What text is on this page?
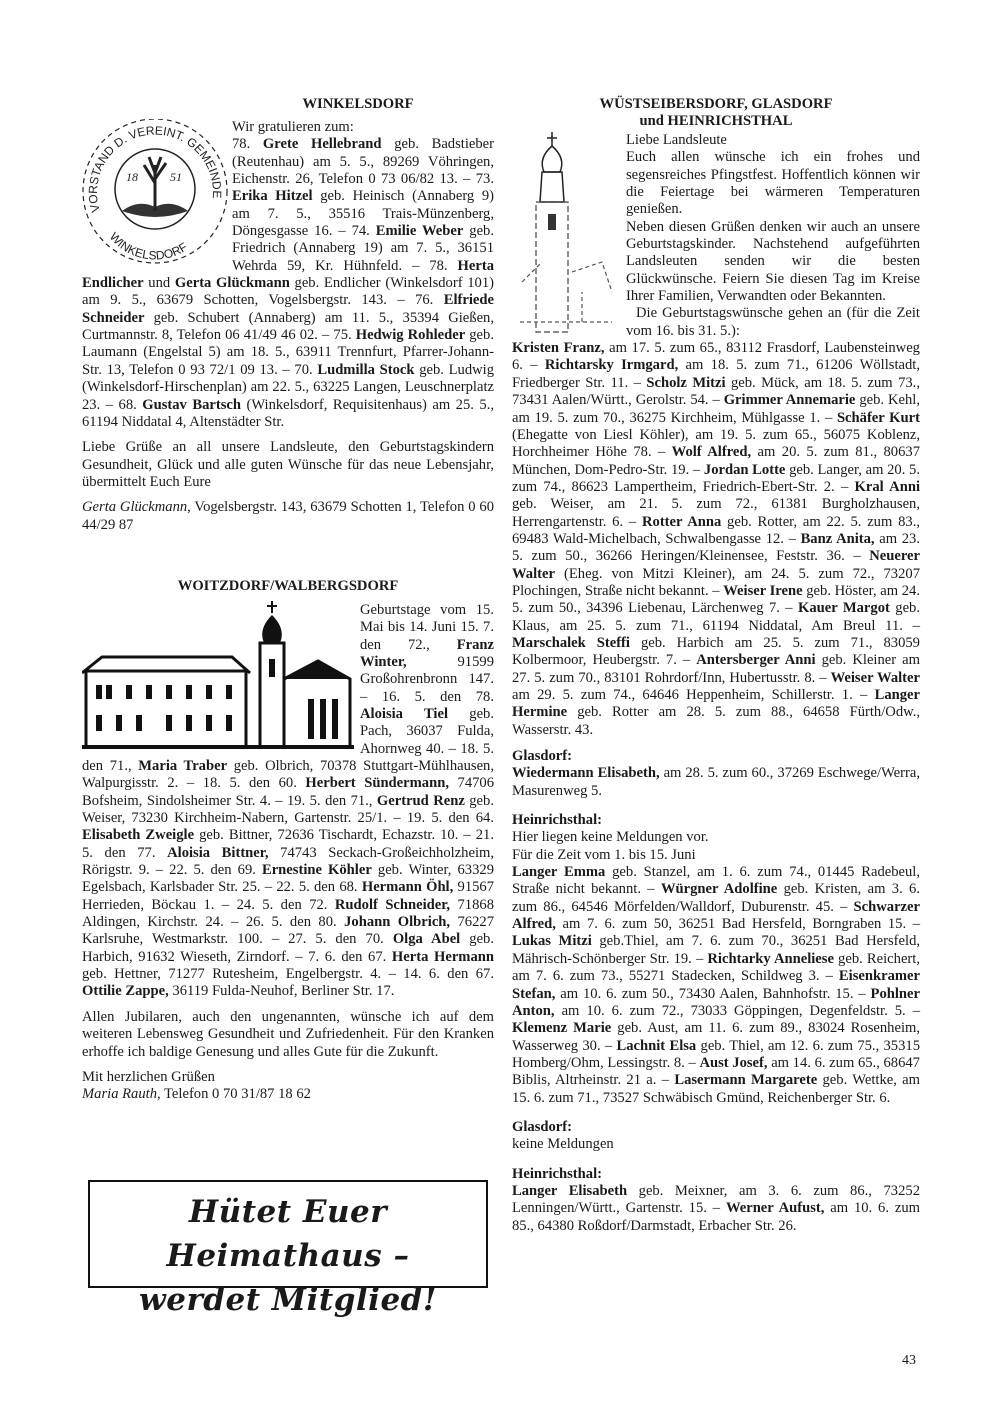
WINKELSDORF
18	51
VORSTAND D. VEREINT. GEMEINDE
WINKELSDORF

Wir gratulieren zum:

78. Grete Hellebrand geb. Badstieber (Reutenhau) am 5. 5., 89269 Vöhringen, Eichenstr. 26, Telefon 0 73 06/82 13. – 73. Erika Hitzel geb. Heinisch (Annaberg 9) am 7. 5., 35516 Trais-Münzenberg, Döngesgasse 16. – 74. Emilie Weber geb. Friedrich (Annaberg 19) am 7. 5., 36151 Wehrda 59, Kr. Hühnfeld. – 78. Herta Endlicher und Gerta Glückmann geb. Endlicher (Winkelsdorf 101) am 9. 5., 63679 Schotten, Vogelsbergstr. 143. – 76. Elfriede Schneider geb. Schubert (Annaberg) am 11. 5., 35394 Gießen, Curtmannstr. 8, Telefon 06 41/49 46 02. – 75. Hedwig Rohleder geb. Laumann (Engelstal 5) am 18. 5., 63911 Trennfurt, Pfarrer-Johann-Str. 13, Telefon 0 93 72/1 09 13. – 70. Ludmilla Stock geb. Ludwig (Winkelsdorf-Hirschenplan) am 22. 5., 63225 Langen, Leuschnerplatz 23. – 68. Gustav Bartsch (Winkelsdorf, Requisitenhaus) am 25. 5., 61194 Niddatal 4, Altenstädter Str.

Liebe Grüße an all unsere Landsleute, den Geburtstagskindern Gesundheit, Glück und alle guten Wünsche für das neue Lebensjahr, übermittelt Euch Eure

Gerta Glückmann, Vogelsbergstr. 143, 63679 Schotten 1, Telefon 0 60 44/29 87

WOITZDORF/WALBERGSDORF

Geburtstage vom 15. Mai bis 14. Juni 15. 7. den 72., Franz Winter, 91599 Großohrenbronn 147. – 16. 5. den 78. Aloisia Tiel geb. Pach, 36037 Fulda, Ahornweg 40. – 18. 5. den 71., Maria Traber geb. Olbrich, 70378 Stuttgart-Mühlhausen, Walpurgisstr. 2. – 18. 5. den 60. Herbert Sündermann, 74706 Bofsheim, Sindolsheimer Str. 4. – 19. 5. den 71., Gertrud Renz geb. Weiser, 73230 Kirchheim-Nabern, Gartenstr. 25/1. – 19. 5. den 64. Elisabeth Zweigle geb. Bittner, 72636 Tischardt, Echazstr. 10. – 21. 5. den 77. Aloisia Bittner, 74743 Seckach-Großeichholzheim, Rörigstr. 9. – 22. 5. den 69. Ernestine Köhler geb. Winter, 63329 Egelsbach, Karlsbader Str. 25. – 22. 5. den 68. Hermann Öhl, 91567 Herrieden, Böckau 1. – 24. 5. den 72. Rudolf Schneider, 71868 Aldingen, Kirchstr. 24. – 26. 5. den 80. Johann Olbrich, 76227 Karlsruhe, Westmarkstr. 100. – 27. 5. den 70. Olga Abel geb. Harbich, 91632 Wieseth, Zirndorf. – 7. 6. den 67. Herta Hermann geb. Hettner, 71277 Rutesheim, Engelbergstr. 4. – 14. 6. den 67. Ottilie Zappe, 36119 Fulda-Neuhof, Berliner Str. 17.

Allen Jubilaren, auch den ungenannten, wünsche ich auf dem weiteren Lebensweg Gesundheit und Zufriedenheit. Für den Kranken erhoffe ich baldige Genesung und alles Gute für die Zukunft.

Mit herzlichen Grüßen

Maria Rauth, Telefon 0 70 31/87 18 62

Hütet Euer Heimathaus –
werdet Mitglied!
WÜSTSEIBERSDORF, GLASDORF
und HEINRICHSTHAL

Liebe Landsleute

Euch allen wünsche ich ein frohes und segensreiches Pfingstfest. Hoffentlich können wir die Feiertage bei wärmeren Temperaturen genießen.

Neben diesen Grüßen denken wir auch an unsere Geburtstagskinder. Nachstehend aufgeführten Landsleuten senden wir die besten Glückwünsche. Feiern Sie diesen Tag im Kreise Ihrer Familien, Verwandten oder Bekannten.

Die Geburtstagswünsche gehen an (für die Zeit vom 16. bis 31. 5.):

Kristen Franz, am 17. 5. zum 65., 83112 Frasdorf, Laubensteinweg 6. – Richtarsky Irmgard, am 18. 5. zum 71., 61206 Wöllstadt, Friedberger Str. 11. – Scholz Mitzi geb. Mück, am 18. 5. zum 73., 73431 Aalen/Württ., Gerolstr. 54. – Grimmer Annemarie geb. Kehl, am 19. 5. zum 70., 36275 Kirchheim, Mühlgasse 1. – Schäfer Kurt (Ehegatte von Liesl Köhler), am 19. 5. zum 65., 56075 Koblenz, Horchheimer Höhe 78. – Wolf Alfred, am 20. 5. zum 81., 80637 München, Dom-Pedro-Str. 19. – Jordan Lotte geb. Langer, am 20. 5. zum 74., 86623 Lampertheim, Friedrich-Ebert-Str. 2. – Kral Anni geb. Weiser, am 21. 5. zum 72., 61381 Burgholzhausen, Herrengartenstr. 6. – Rotter Anna geb. Rotter, am 22. 5. zum 83., 69483 Wald-Michelbach, Schwalbengasse 12. – Banz Anita, am 23. 5. zum 50., 36266 Heringen/Kleinensee, Feststr. 36. – Neuerer Walter (Eheg. von Mitzi Kleiner), am 24. 5. zum 72., 73207 Plochingen, Straße nicht bekannt. – Weiser Irene geb. Höster, am 24. 5. zum 50., 34396 Liebenau, Lärchenweg 7. – Kauer Margot geb. Klaus, am 25. 5. zum 71., 61194 Niddatal, Am Breul 11. – Marschalek Steffi geb. Harbich am 25. 5. zum 71., 83059 Kolbermoor, Heubergstr. 7. – Antersberger Anni geb. Kleiner am 27. 5. zum 70., 83101 Rohrdorf/Inn, Hubertusstr. 8. – Weiser Walter am 29. 5. zum 74., 64646 Heppenheim, Schillerstr. 1. – Langer Hermine geb. Rotter am 28. 5. zum 88., 64658 Fürth/Odw., Wasserstr. 43.

Glasdorf:

Wiedermann Elisabeth, am 28. 5. zum 60., 37269 Eschwege/Werra, Masurenweg 5.

Heinrichsthal:

Hier liegen keine Meldungen vor.

Für die Zeit vom 1. bis 15. Juni

Langer Emma geb. Stanzel, am 1. 6. zum 74., 01445 Radebeul, Straße nicht bekannt. – Würgner Adolfine geb. Kristen, am 3. 6. zum 86., 64546 Mörfelden/Walldorf, Duburenstr. 45. – Schwarzer Alfred, am 7. 6. zum 50, 36251 Bad Hersfeld, Borngraben 15. – Lukas Mitzi geb.Thiel, am 7. 6. zum 70., 36251 Bad Hersfeld, Mährisch-Schönberger Str. 19. – Richtarky Anneliese geb. Reichert, am 7. 6. zum 73., 55271 Stadecken, Schildweg 3. – Eisenkramer Stefan, am 10. 6. zum 50., 73430 Aalen, Bahnhofstr. 15. – Pohlner Anton, am 10. 6. zum 72., 73033 Göppingen, Degenfeldstr. 5. – Klemenz Marie geb. Aust, am 11. 6. zum 89., 83024 Rosenheim, Wasserweg 30. – Lachnit Elsa geb. Thiel, am 12. 6. zum 75., 35315 Homberg/Ohm, Lessingstr. 8. – Aust Josef, am 14. 6. zum 65., 68647 Biblis, Altrheinstr. 21 a. – Lasermann Margarete geb. Wettke, am 15. 6. zum 71., 73527 Schwäbisch Gmünd, Reichenberger Str. 6.

Glasdorf:

keine Meldungen

Heinrichsthal:

Langer Elisabeth geb. Meixner, am 3. 6. zum 86., 73252 Lenningen/Württ., Gartenstr. 15. – Werner Aufust, am 10. 6. zum 85., 64380 Roßdorf/Darmstadt, Erbacher Str. 26.

43
